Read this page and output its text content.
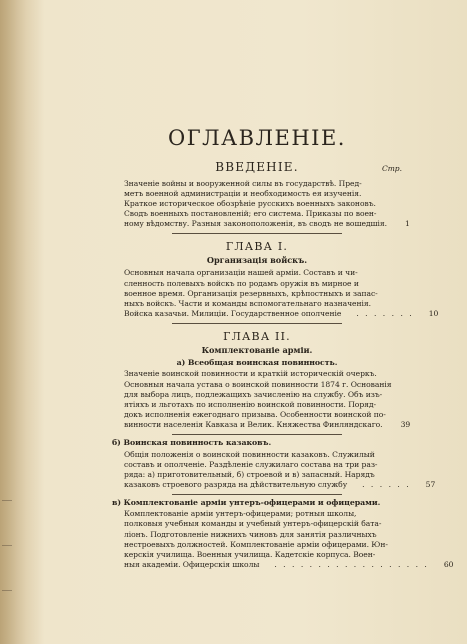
ОГЛАВЛЕНІЕ.
ВВЕДЕНІЕ.	Стр.
Значеніе войны и вооруженной силы въ государствѣ. Пред-
метъ военной администраціи и необходимость ея изученія.
Краткое историческое обозрѣніе русскихъ военныхъ законовъ.
Сводъ военныхъ постановленій; его система. Приказы по воен-
ному вѣдомству. Разныя законоположенія, въ сводъ не вошедшія.	1
ГЛАВА I.
Организація войскъ.
Основныя начала организаціи нашей арміи. Составъ и чи-
сленность полевыхъ войскъ по родамъ оружія въ мирное и
военное время. Организація резервныхъ, крѣпостныхъ и запас-
ныхъ войскъ. Части и команды вспомогательнаго назначенія.
Войска казачьи. Милиціи. Государственное ополченіе	. . . . . . .	10
ГЛАВА II.
Комплектованіе арміи.
а) Всеобщая воинская повинность.
Значеніе воинской повинности и краткій историческій очеркъ.
Основныя начала устава о воинской повинности 1874 г. Основанія
для выбора лицъ, подлежащихъ зачисленію на службу. Объ изъ-
ятіяхъ и льготахъ по исполненію воинской повинности. Поряд-
докъ исполненія ежегоднаго призыва. Особенности воинской по-
винности населенія Кавказа и Велик. Княжества Финляндскаго.	39
б) Воинская повинность казаковъ.
Общія положенія о воинской повинности казаковъ. Служилый
составъ и ополченіе. Раздѣленіе служилаго состава на три раз-
ряда: а) приготовительный, б) строевой и в) запасный. Нарядъ
казаковъ строевого разряда на дѣйствительную службу	. . . . . .	57
в) Комплектованіе арміи унтеръ-офицерами и офицерами.
Комплектованіе арміи унтеръ-офицерами; ротныя школы,
полковыя учебныя команды и учебный унтеръ-офицерскій бата-
ліонъ. Подготовленіе нижнихъ чиновъ для занятія различныхъ
нестроевыхъ должностей. Комплектованіе арміи офицерами. Юн-
керскія училища. Военныя училища. Кадетскіе корпуса. Воен-
ныя академіи. Офицерскія школы	. . . . . . . . . . . . . . . . . .	60
